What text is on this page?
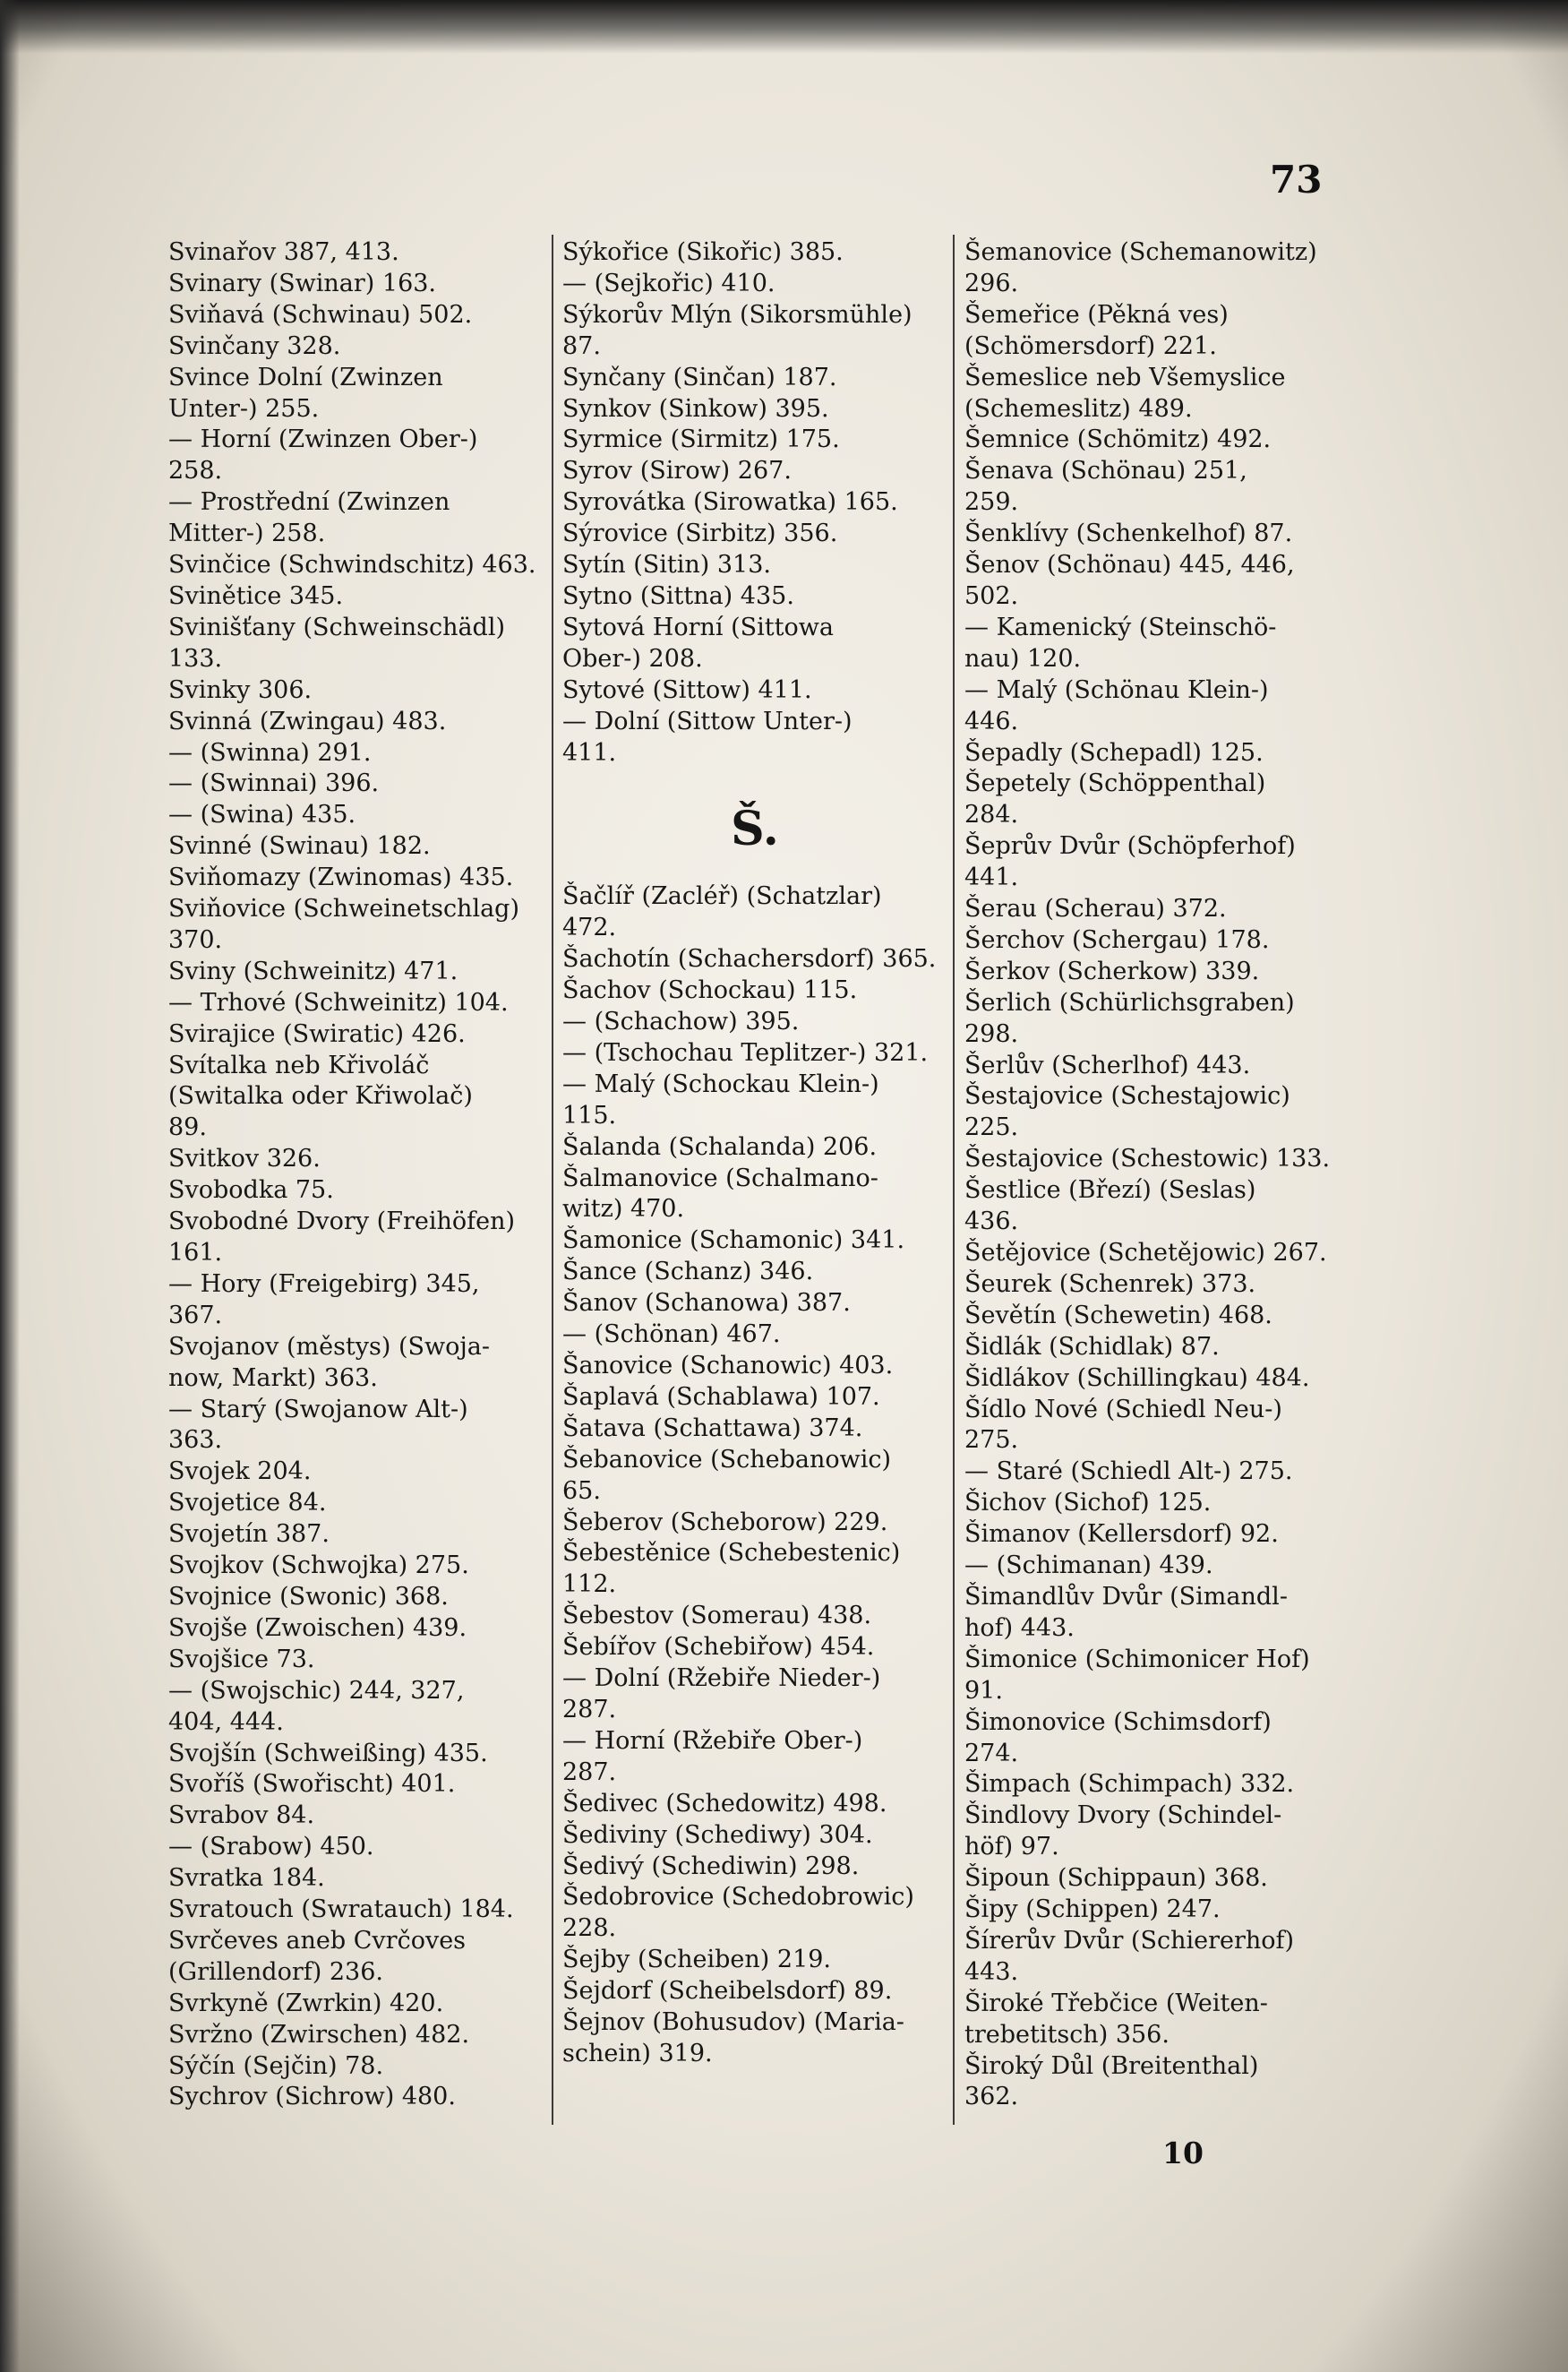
73
Svinařov 387, 413.
Svinary (Swinar) 163.
Sviňavá (Schwinau) 502.
Svinčany 328.
Svince Dolní (Zwinzen
Unter-) 255.
— Horní (Zwinzen Ober-)
258.
— Prostřední (Zwinzen
Mitter-) 258.
Svinčice (Schwindschitz) 463.
Svinětice 345.
Svinišťany (Schweinschädl)
133.
Svinky 306.
Svinná (Zwingau) 483.
— (Swinna) 291.
— (Swinnai) 396.
— (Swina) 435.
Svinné (Swinau) 182.
Sviňomazy (Zwinomas) 435.
Sviňovice (Schweinetschlag)
370.
Sviny (Schweinitz) 471.
— Trhové (Schweinitz) 104.
Svirajice (Swiratic) 426.
Svítalka neb Křivoláč
(Switalka oder Křiwolač)
89.
Svitkov 326.
Svobodka 75.
Svobodné Dvory (Freihöfen)
161.
— Hory (Freigebirg) 345,
367.
Svojanov (městys) (Swoja-
now, Markt) 363.
— Starý (Swojanow Alt-)
363.
Svojek 204.
Svojetice 84.
Svojetín 387.
Svojkov (Schwojka) 275.
Svojnice (Swonic) 368.
Svojše (Zwoischen) 439.
Svojšice 73.
— (Swojschic) 244, 327,
404, 444.
Svojšín (Schweißing) 435.
Svoříš (Swořischt) 401.
Svrabov 84.
— (Srabow) 450.
Svratka 184.
Svratouch (Swratauch) 184.
Svrčeves aneb Cvrčoves
(Grillendorf) 236.
Svrkyně (Zwrkin) 420.
Svržno (Zwirschen) 482.
Sýčín (Sejčin) 78.
Sychrov (Sichrow) 480.
Sýkořice (Sikořic) 385.
— (Sejkořic) 410.
Sýkorův Mlýn (Sikorsmühle)
87.
Synčany (Sinčan) 187.
Synkov (Sinkow) 395.
Syrmice (Sirmitz) 175.
Syrov (Sirow) 267.
Syrovátka (Sirowatka) 165.
Sýrovice (Sirbitz) 356.
Sytín (Sitin) 313.
Sytno (Sittna) 435.
Sytová Horní (Sittowa
Ober-) 208.
Sytové (Sittow) 411.
— Dolní (Sittow Unter-)
411.
Š.
Šačlíř (Zacléř) (Schatzlar)
472.
Šachotín (Schachersdorf) 365.
Šachov (Schockau) 115.
— (Schachow) 395.
— (Tschochau Teplitzer-) 321.
— Malý (Schockau Klein-)
115.
Šalanda (Schalanda) 206.
Šalmanovice (Schalmano-
witz) 470.
Šamonice (Schamonic) 341.
Šance (Schanz) 346.
Šanov (Schanowa) 387.
— (Schönan) 467.
Šanovice (Schanowic) 403.
Šaplavá (Schablawa) 107.
Šatava (Schattawa) 374.
Šebanovice (Schebanowic)
65.
Šeberov (Scheborow) 229.
Šebestěnice (Schebestenic)
112.
Šebestov (Somerau) 438.
Šebířov (Schebiřow) 454.
— Dolní (Ržebiře Nieder-)
287.
— Horní (Ržebiře Ober-)
287.
Šedivec (Schedowitz) 498.
Šediviny (Schediwy) 304.
Šedivý (Schediwin) 298.
Šedobrovice (Schedobrowic)
228.
Šejby (Scheiben) 219.
Šejdorf (Scheibelsdorf) 89.
Šejnov (Bohusudov) (Maria-
schein) 319.
Šemanovice (Schemanowitz)
296.
Šemeřice (Pěkná ves)
(Schömersdorf) 221.
Šemeslice neb Všemyslice
(Schemeslitz) 489.
Šemnice (Schömitz) 492.
Šenava (Schönau) 251,
259.
Šenklívy (Schenkelhof) 87.
Šenov (Schönau) 445, 446,
502.
— Kamenický (Steinschö-
nau) 120.
— Malý (Schönau Klein-)
446.
Šepadly (Schepadl) 125.
Šepetely (Schöppenthal)
284.
Šeprův Dvůr (Schöpferhof)
441.
Šerau (Scherau) 372.
Šerchov (Schergau) 178.
Šerkov (Scherkow) 339.
Šerlich (Schürlichsgraben)
298.
Šerlův (Scherlhof) 443.
Šestajovice (Schestajowic)
225.
Šestajovice (Schestowic) 133.
Šestlice (Březí) (Seslas)
436.
Šetějovice (Schetějowic) 267.
Šeurek (Schenrek) 373.
Ševětín (Schewetin) 468.
Šidlák (Schidlak) 87.
Šidlákov (Schillingkau) 484.
Šídlo Nové (Schiedl Neu-)
275.
— Staré (Schiedl Alt-) 275.
Šichov (Sichof) 125.
Šimanov (Kellersdorf) 92.
— (Schimanan) 439.
Šimandlův Dvůr (Simandl-
hof) 443.
Šimonice (Schimonicer Hof)
91.
Šimonovice (Schimsdorf)
274.
Šimpach (Schimpach) 332.
Šindlovy Dvory (Schindel-
höf) 97.
Šipoun (Schippaun) 368.
Šipy (Schippen) 247.
Šírerův Dvůr (Schiererhof)
443.
Široké Třebčice (Weiten-
trebetitsch) 356.
Široký Důl (Breitenthal)
362.
10
